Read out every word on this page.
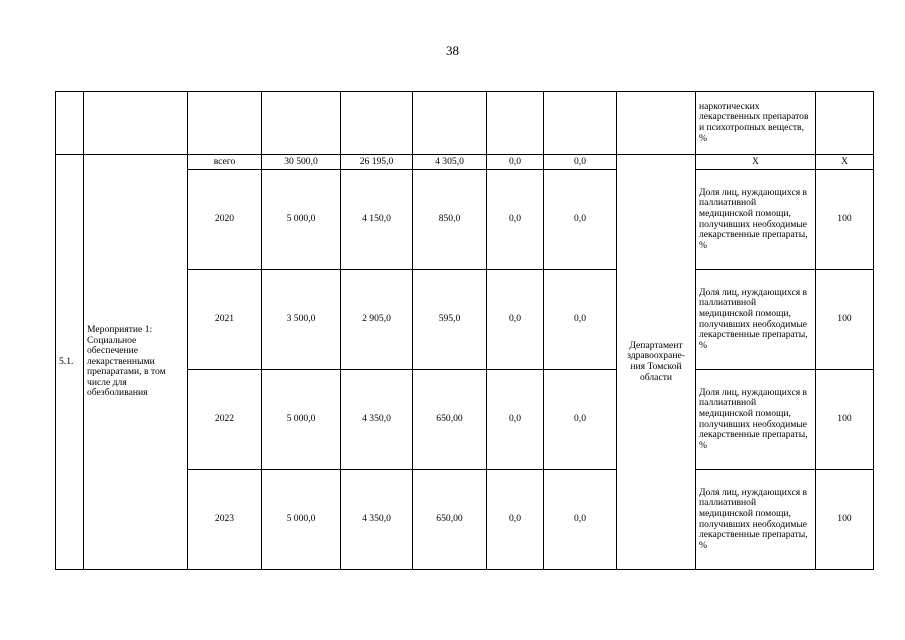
38
									наркотических лекарственных препаратов и психотропных веществ, %	
5.1.	Мероприятие 1: Социальное обеспечение лекарственными препаратами, в том числе для обезболивания	всего	30 500,0	26 195,0	4 305,0	0,0	0,0	Департамент здравоохране-ния Томской области	Х	Х
		2020	5 000,0	4 150,0	850,0	0,0	0,0		Доля лиц, нуждающихся в паллиативной медицинской помощи, получивших необходимые лекарственные препараты, %	100
		2021	3 500,0	2 905,0	595,0	0,0	0,0		Доля лиц, нуждающихся в паллиативной медицинской помощи, получивших необходимые лекарственные препараты, %	100
		2022	5 000,0	4 350,0	650,00	0,0	0,0		Доля лиц, нуждающихся в паллиативной медицинской помощи, получивших необходимые лекарственные препараты, %	100
		2023	5 000,0	4 350,0	650,00	0,0	0,0		Доля лиц, нуждающихся в паллиативной медицинской помощи, получивших необходимые лекарственные препараты, %	100
